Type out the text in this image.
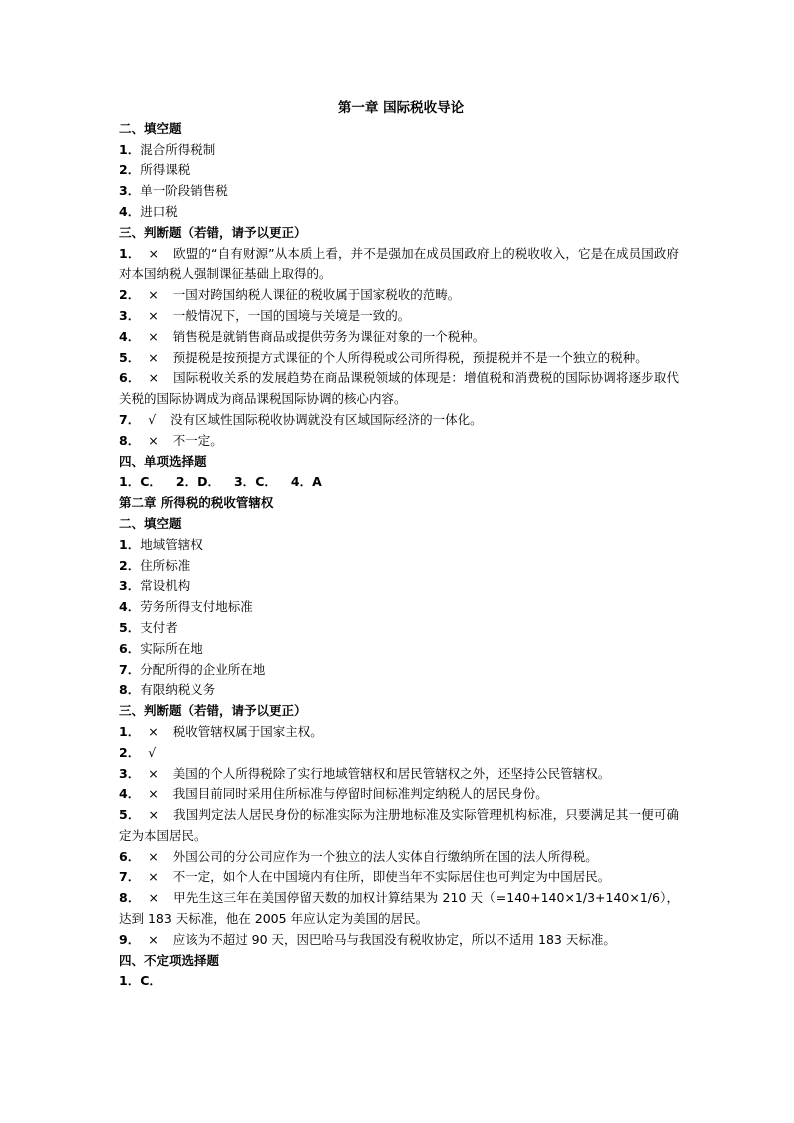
第一章 国际税收导论

二、填空题

1．混合所得税制

2．所得课税

3．单一阶段销售税

4．进口税

三、判断题（若错，请予以更正）

1． × 欧盟的“自有财源”从本质上看，并不是强加在成员国政府上的税收收入，它是在成员国政府对本国纳税人强制课征基础上取得的。

2． × 一国对跨国纳税人课征的税收属于国家税收的范畴。

3． × 一般情况下，一国的国境与关境是一致的。

4． × 销售税是就销售商品或提供劳务为课征对象的一个税种。

5． × 预提税是按预提方式课征的个人所得税或公司所得税，预提税并不是一个独立的税种。

6． × 国际税收关系的发展趋势在商品课税领域的体现是：增值税和消费税的国际协调将逐步取代关税的国际协调成为商品课税国际协调的核心内容。

7． √ 没有区域性国际税收协调就没有区域国际经济的一体化。

8． × 不一定。

四、单项选择题

1．C． 2．D． 3．C． 4．A

第二章 所得税的税收管辖权

二、填空题

1．地域管辖权

2．住所标准

3．常设机构

4．劳务所得支付地标准

5．支付者

6．实际所在地

7．分配所得的企业所在地

8．有限纳税义务

三、判断题（若错，请予以更正）

1． × 税收管辖权属于国家主权。

2． √

3． × 美国的个人所得税除了实行地域管辖权和居民管辖权之外，还坚持公民管辖权。

4． × 我国目前同时采用住所标准与停留时间标准判定纳税人的居民身份。

5． × 我国判定法人居民身份的标准实际为注册地标准及实际管理机构标准，只要满足其一便可确定为本国居民。

6． × 外国公司的分公司应作为一个独立的法人实体自行缴纳所在国的法人所得税。

7． × 不一定，如个人在中国境内有住所，即使当年不实际居住也可判定为中国居民。

8． × 甲先生这三年在美国停留天数的加权计算结果为 210 天（=140+140×1/3+140×1/6），达到 183 天标准，他在 2005 年应认定为美国的居民。

9． × 应该为不超过 90 天，因巴哈马与我国没有税收协定，所以不适用 183 天标准。

四、不定项选择题

1．C．
